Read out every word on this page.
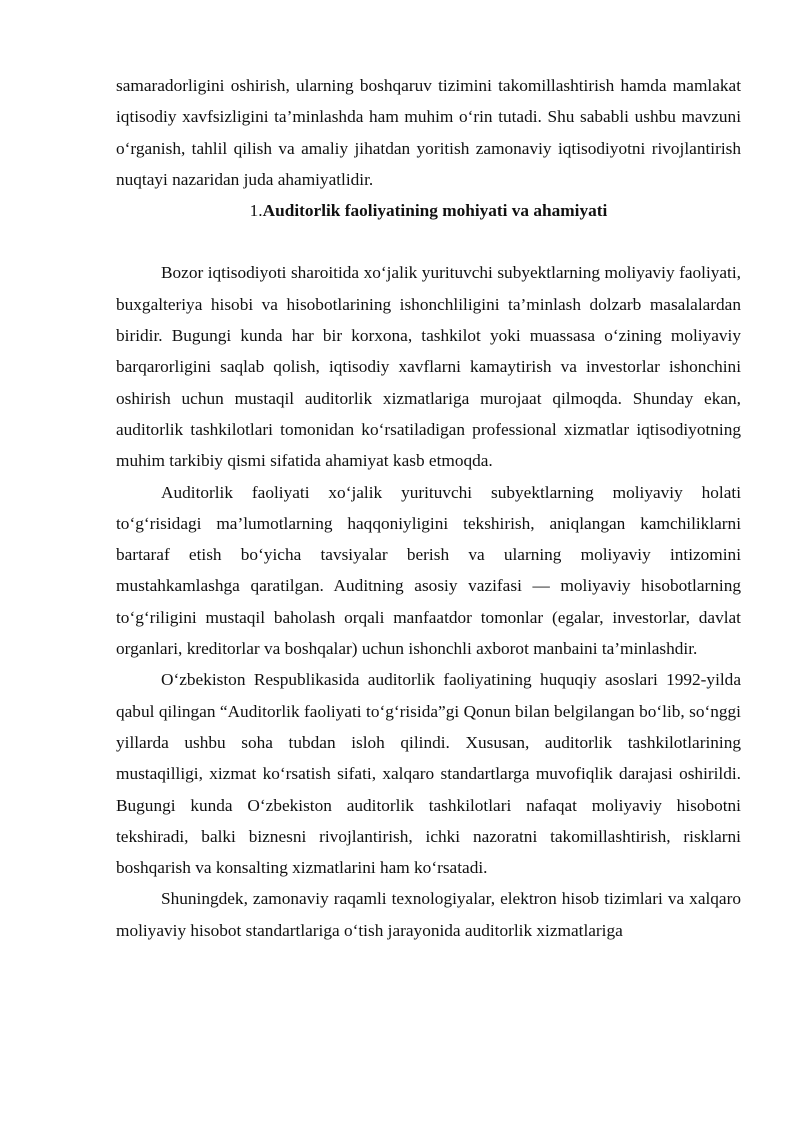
samaradorligini oshirish, ularning boshqaruv tizimini takomillashtirish hamda mamlakat iqtisodiy xavfsizligini ta’minlashda ham muhim o‘rin tutadi. Shu sababli ushbu mavzuni o‘rganish, tahlil qilish va amaliy jihatdan yoritish zamonaviy iqtisodiyotni rivojlantirish nuqtayi nazaridan juda ahamiyatlidir.

1.Auditorlik faoliyatining mohiyati va ahamiyati

Bozor iqtisodiyoti sharoitida xo‘jalik yurituvchi subyektlarning moliyaviy faoliyati, buxgalteriya hisobi va hisobotlarining ishonchliligini ta’minlash dolzarb masalalardan biridir. Bugungi kunda har bir korxona, tashkilot yoki muassasa o‘zining moliyaviy barqarorligini saqlab qolish, iqtisodiy xavflarni kamaytirish va investorlar ishonchini oshirish uchun mustaqil auditorlik xizmatlariga murojaat qilmoqda. Shunday ekan, auditorlik tashkilotlari tomonidan ko‘rsatiladigan professional xizmatlar iqtisodiyotning muhim tarkibiy qismi sifatida ahamiyat kasb etmoqda.

Auditorlik faoliyati xo‘jalik yurituvchi subyektlarning moliyaviy holati to‘g‘risidagi ma’lumotlarning haqqoniyligini tekshirish, aniqlangan kamchiliklarni bartaraf etish bo‘yicha tavsiyalar berish va ularning moliyaviy intizomini mustahkamlashga qaratilgan. Auditning asosiy vazifasi — moliyaviy hisobotlarning to‘g‘riligini mustaqil baholash orqali manfaatdor tomonlar (egalar, investorlar, davlat organlari, kreditorlar va boshqalar) uchun ishonchli axborot manbaini ta’minlashdir.

O‘zbekiston Respublikasida auditorlik faoliyatining huquqiy asoslari 1992-yilda qabul qilingan “Auditorlik faoliyati to‘g‘risida”gi Qonun bilan belgilangan bo‘lib, so‘nggi yillarda ushbu soha tubdan isloh qilindi. Xususan, auditorlik tashkilotlarining mustaqilligi, xizmat ko‘rsatish sifati, xalqaro standartlarga muvofiqlik darajasi oshirildi. Bugungi kunda O‘zbekiston auditorlik tashkilotlari nafaqat moliyaviy hisobotni tekshiradi, balki biznesni rivojlantirish, ichki nazoratni takomillashtirish, risklarni boshqarish va konsalting xizmatlarini ham ko‘rsatadi.

Shuningdek, zamonaviy raqamli texnologiyalar, elektron hisob tizimlari va xalqaro moliyaviy hisobot standartlariga o‘tish jarayonida auditorlik xizmatlariga
